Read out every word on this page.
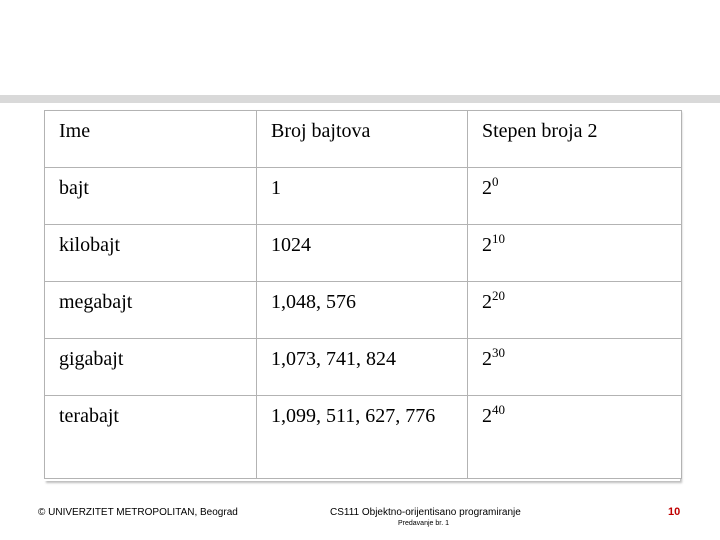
Ime	Broj bajtova	Stepen broja 2
bajt	1	$2^0$
kilobajt	1024	$2^{10}$
megabajt	1,048, 576	$2^{20}$
gigabajt	1,073, 741, 824	$2^{30}$
terabajt	1,099, 511, 627, 776	$2^{40}$
© UNIVERZITET METROPOLITAN, Beograd	CS111 Objektno-orijentisano programiranje
Predavanje br. 1
10
